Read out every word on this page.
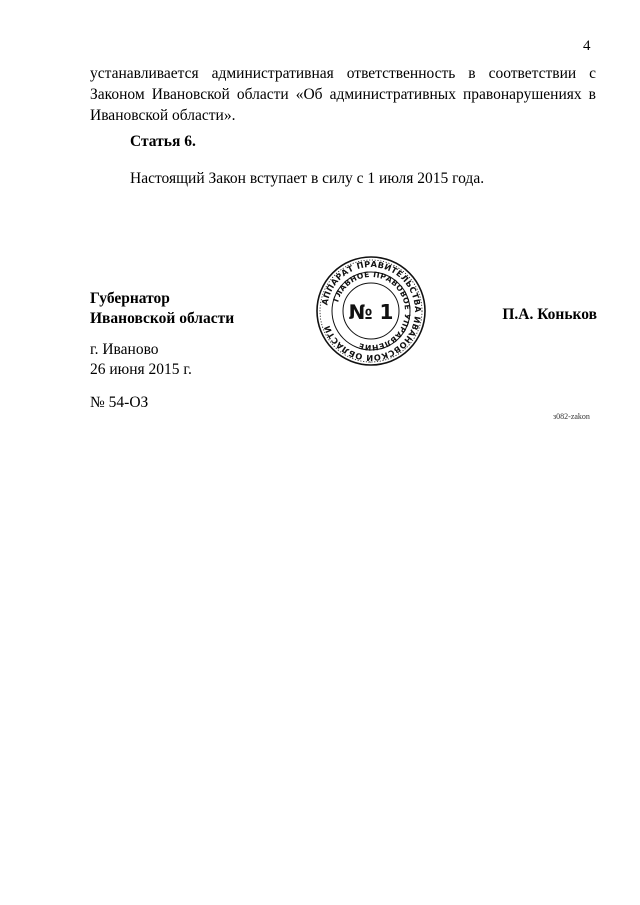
4

устанавливается административная ответственность в соответствии с
Законом Ивановской области «Об административных правонарушениях в
Ивановской области».

Статья 6.

Настоящий Закон вступает в силу с 1 июля 2015 года.

Губернатор
Ивановской области
АППАРАТ ПРАВИТЕЛЬСТВА ИВАНОВСКОЙ ОБЛАСТИ
ГЛАВНОЕ ПРАВОВОЕ УПРАВЛЕНИЕ
№ 1	П.А. Коньков
г. Иваново
26 июня 2015 г.
№ 54-ОЗ
з082-zakon
